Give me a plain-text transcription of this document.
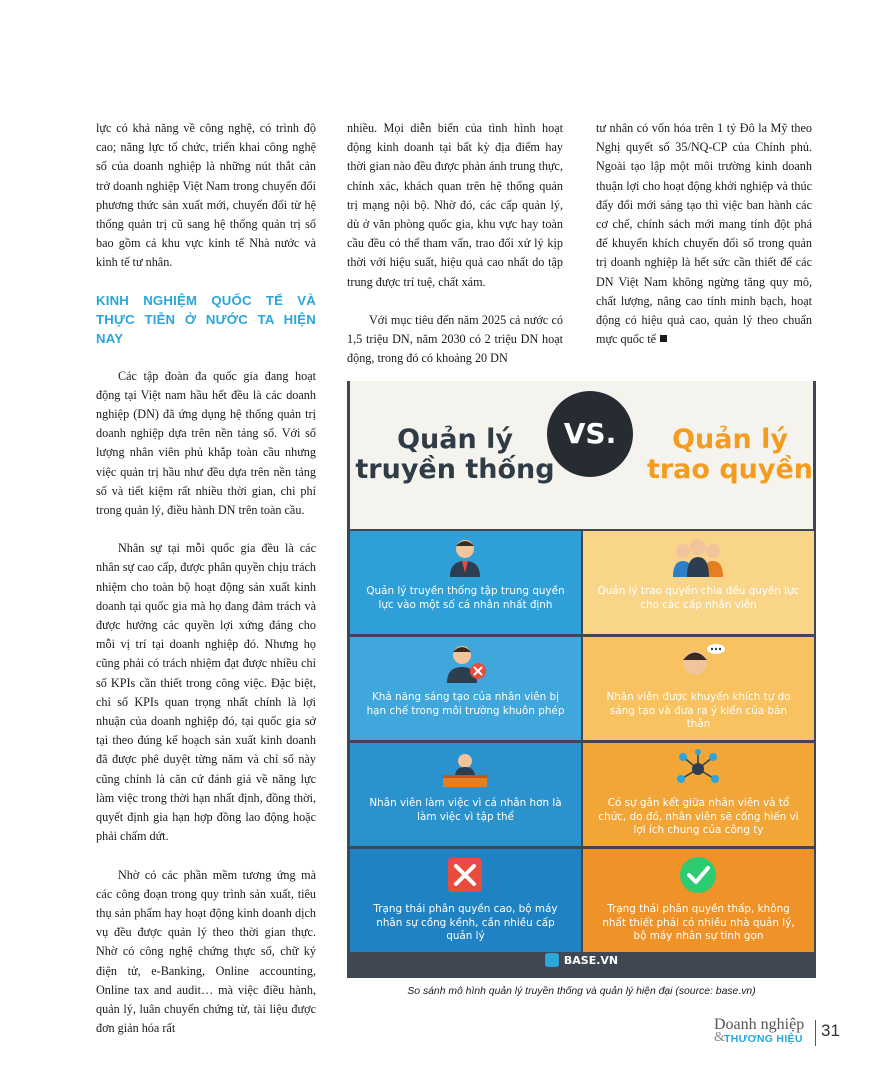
lực có khả năng về công nghệ, có trình độ cao; năng lực tổ chức, triển khai công nghệ số của doanh nghiệp là những nút thắt cản trở doanh nghiệp Việt Nam trong chuyển đổi phương thức sản xuất mới, chuyển đổi từ hệ thống quản trị cũ sang hệ thống quản trị số bao gồm cả khu vực kinh tế Nhà nước và kinh tế tư nhân.

KINH NGHIỆM QUỐC TẾ VÀ THỰC TIỄN Ở NƯỚC TA HIỆN NAY

Các tập đoàn đa quốc gia đang hoạt động tại Việt nam hầu hết đều là các doanh nghiệp (DN) đã ứng dụng hệ thống quản trị doanh nghiệp dựa trên nền tảng số. Với số lượng nhân viên phủ khắp toàn cầu nhưng việc quản trị hầu như đều dựa trên nền tảng số và tiết kiệm rất nhiều thời gian, chi phí trong quản lý, điều hành DN trên toàn cầu.

Nhân sự tại mỗi quốc gia đều là các nhân sự cao cấp, được phân quyền chịu trách nhiệm cho toàn bộ hoạt động sản xuất kinh doanh tại quốc gia mà họ đang đảm trách và được hưởng các quyền lợi xứng đáng cho mỗi vị trí tại doanh nghiệp đó. Nhưng họ cũng phải có trách nhiệm đạt được nhiều chỉ số KPIs cần thiết trong công việc. Đặc biệt, chỉ số KPIs quan trọng nhất chính là lợi nhuận của doanh nghiệp đó, tại quốc gia sở tại theo đúng kế hoạch sản xuất kinh doanh đã được phê duyệt từng năm và chỉ số này cũng chính là căn cứ đánh giá về năng lực làm việc trong thời hạn nhất định, đồng thời, quyết định gia hạn hợp đồng lao động hoặc phải chấm dứt.

Nhờ có các phần mềm tương ứng mà các công đoạn trong quy trình sản xuất, tiêu thụ sản phẩm hay hoạt động kinh doanh dịch vụ đều được quản lý theo thời gian thực. Nhờ có công nghệ chứng thực số, chữ ký điện tử, e-Banking, Online accounting, Online tax and audit… mà việc điều hành, quản lý, luân chuyển chứng từ, tài liệu được đơn giản hóa rất

nhiều. Mọi diễn biến của tình hình hoạt động kinh doanh tại bất kỳ địa điểm hay thời gian nào đều được phản ánh trung thực, chính xác, khách quan trên hệ thống quản trị mạng nội bộ. Nhờ đó, các cấp quản lý, dù ở văn phòng quốc gia, khu vực hay toàn cầu đều có thể tham vấn, trao đổi xử lý kịp thời với hiệu suất, hiệu quả cao nhất do tập trung được trí tuệ, chất xám.

Với mục tiêu đến năm 2025 cả nước có 1,5 triệu DN, năm 2030 có 2 triệu DN hoạt động, trong đó có khoảng 20 DN

tư nhân có vốn hóa trên 1 tỷ Đô la Mỹ theo Nghị quyết số 35/NQ-CP của Chính phủ. Ngoài tạo lập một môi trường kinh doanh thuận lợi cho hoạt động khởi nghiệp và thúc đẩy đổi mới sáng tạo thì việc ban hành các cơ chế, chính sách mới mang tính đột phá để khuyến khích chuyển đổi số trong quản trị doanh nghiệp là hết sức cần thiết để các DN Việt Nam không ngừng tăng quy mô, chất lượng, nâng cao tính minh bạch, hoạt động có hiệu quả cao, quản lý theo chuẩn mực quốc tế

Quản lý truyền thống
VS.	Quản lý trao quyền
Quản lý truyền thống tập trung quyền lực vào một số cá nhân nhất định
Quản lý trao quyền chia đều quyền lực cho các cấp nhân viên
Khả năng sáng tạo của nhân viên bị hạn chế trong môi trường khuôn phép
Nhân viên được khuyến khích tự do sáng tạo và đưa ra ý kiến của bản thân
Nhân viên làm việc vì cá nhân hơn là làm việc vì tập thể
Có sự gắn kết giữa nhân viên và tổ chức, do đó, nhân viên sẽ cống hiến vì lợi ích chung của công ty
Trạng thái phân quyền cao, bộ máy nhân sự cồng kềnh, cần nhiều cấp quản lý
Trạng thái phân quyền thấp, không nhất thiết phải có nhiều nhà quản lý, bộ máy nhân sự tinh gọn
BASE.VN
So sánh mô hình quản lý truyền thống và quản lý hiện đại (source: base.vn)
Doanh nghiệp
& THƯƠNG HIỆU 31
